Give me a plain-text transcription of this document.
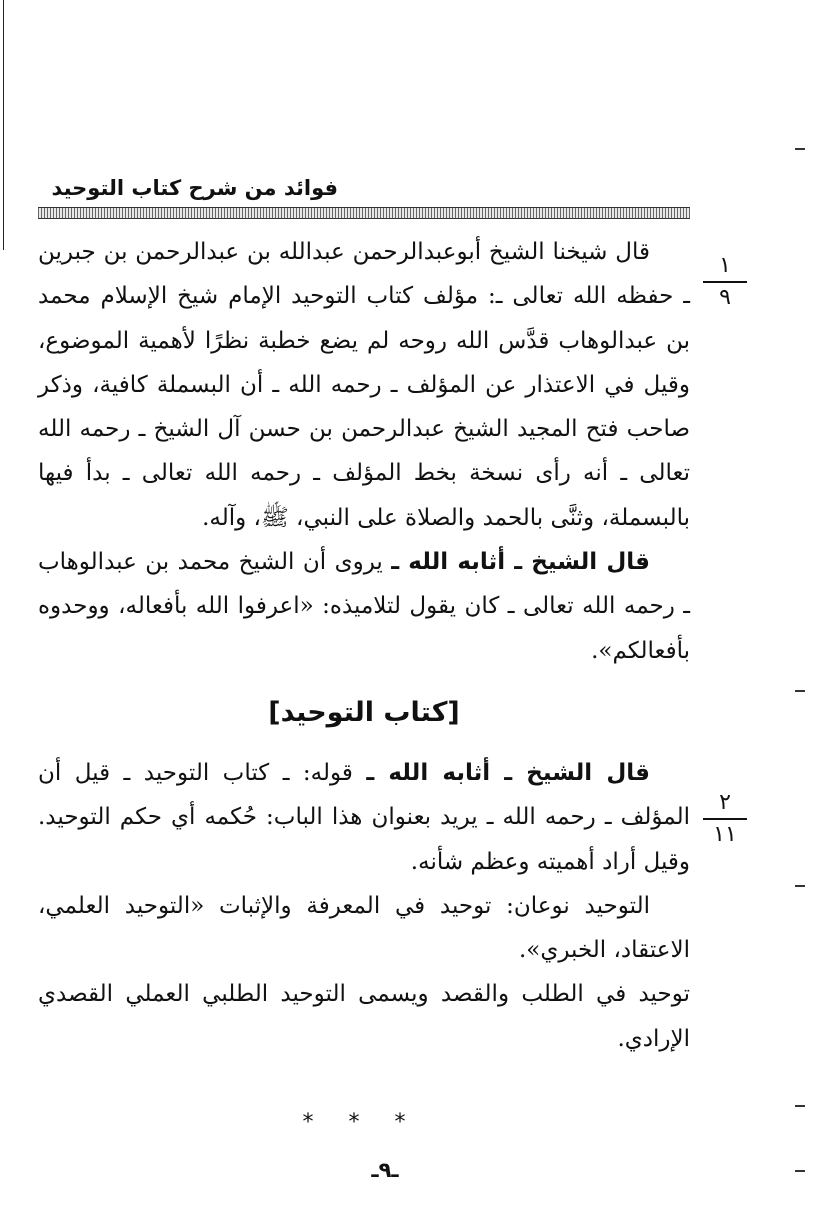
فوائد من شرح كتاب التوحيد
١
٩
٢
١١

قال شيخنا الشيخ أبوعبدالرحمن عبدالله بن عبدالرحمن بن جبرين ـ حفظه الله تعالى ـ: مؤلف كتاب التوحيد الإمام شيخ الإسلام محمد بن عبدالوهاب قدَّس الله روحه لم يضع خطبة نظرًا لأهمية الموضوع، وقيل في الاعتذار عن المؤلف ـ رحمه الله ـ أن البسملة كافية، وذكر صاحب فتح المجيد الشيخ عبدالرحمن بن حسن آل الشيخ ـ رحمه الله تعالى ـ أنه رأى نسخة بخط المؤلف ـ رحمه الله تعالى ـ بدأ فيها بالبسملة، وثنَّى بالحمد والصلاة على النبي، ﷺ، وآله.

قال الشيخ ـ أثابه الله ـ يروى أن الشيخ محمد بن عبدالوهاب ـ رحمه الله تعالى ـ كان يقول لتلاميذه: «اعرفوا الله بأفعاله، ووحدوه بأفعالكم».

[كتاب التوحيد]

قال الشيخ ـ أثابه الله ـ قوله: ـ كتاب التوحيد ـ قيل أن المؤلف ـ رحمه الله ـ يريد بعنوان هذا الباب: حُكمه أي حكم التوحيد. وقيل أراد أهميته وعظم شأنه.

التوحيد نوعان: توحيد في المعرفة والإثبات «التوحيد العلمي، الاعتقاد، الخبري».

توحيد في الطلب والقصد ويسمى التوحيد الطلبي العملي القصدي الإرادي.

* * *
ـ٩ـ
